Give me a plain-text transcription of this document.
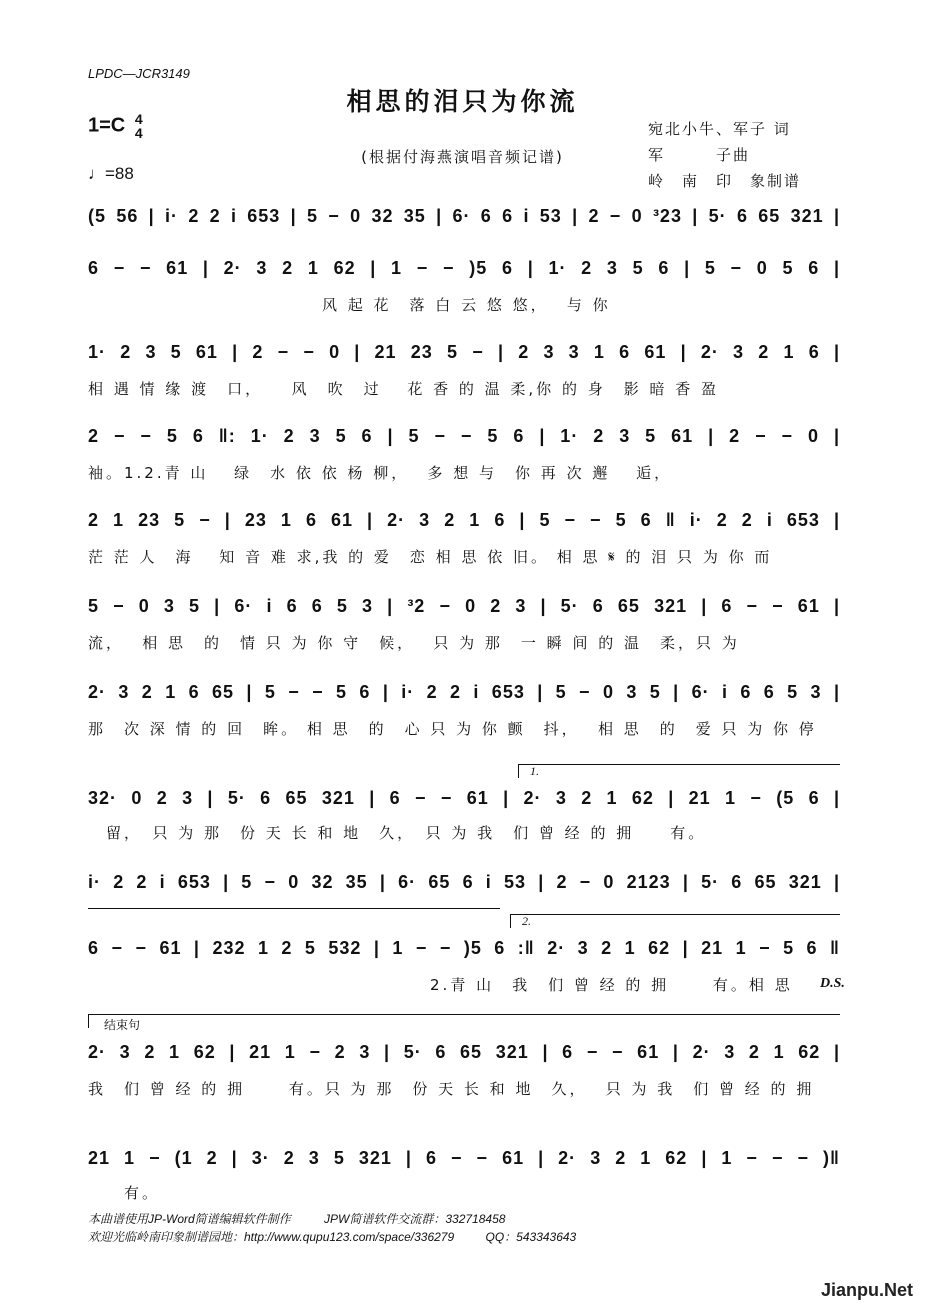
LPDC—JCR3149
相思的泪只为你流
(根据付海燕演唱音频记谱)
1=C 4
4
♩=88
宛北小牛、军子 词
军　　　子曲
岭　南　印　象制谱
(5 56 | i· 2 2 i 653 | 5 − 0 32 35 | 6· 6 6 i 53 | 2 − 0 ³23 | 5· 6 65 321 |
6 − − 61 | 2· 3 2 1 62 | 1 − − )5 6 | 1· 2 3 5 6 | 5 − 0 5 6 |
　　　　　　　　　　　　　风 起 花　落 白 云 悠 悠，　 与 你
1· 2 3 5 61 | 2 − − 0 | 21 23 5 − | 2 3 3 1 6 61 | 2· 3 2 1 6 |
相 遇 情 缘 渡　口，　　风　吹　过　 花 香 的 温 柔,你 的 身　影 暗 香 盈
2 − − 5 6 ‖: 1· 2 3 5 6 | 5 − − 5 6 | 1· 2 3 5 61 | 2 − − 0 |
袖。1.2.青 山　 绿　水 依 依 杨 柳，　 多 想 与　你 再 次 邂　 逅，
2 1 23 5 − | 23 1 6 61 | 2· 3 2 1 6 | 5 − − 5 6 ‖ i· 2 2 i 653 |
茫 茫 人　海　 知 音 难 求,我 的 爱　恋 相 思 依 旧。 相 思 𝄋 的 泪 只 为 你 而
5 − 0 3 5 | 6· i 6 6 5 3 | ³2 − 0 2 3 | 5· 6 65 321 | 6 − − 61 |
流，　 相 思　的　情 只 为 你 守　候，　 只 为 那　一 瞬 间 的 温　柔，只 为
2· 3 2 1 6 65 | 5 − − 5 6 | i· 2 2 i 653 | 5 − 0 3 5 | 6· i 6 6 5 3 |
那　次 深 情 的 回　眸。 相 思　的　心 只 为 你 颤　抖，　 相 思　的　爱 只 为 你 停
1.
32· 0 2 3 | 5· 6 65 321 | 6 − − 61 | 2· 3 2 1 62 | 21 1 − (5 6 |
　留，　只 为 那　份 天 长 和 地　久，　只 为 我　们 曾 经 的 拥　　有。
i· 2 2 i 653 | 5 − 0 32 35 | 6· 65 6 i 53 | 2 − 0 2123 | 5· 6 65 321 |
2.
6 − − 61 | 232 1 2 5 532 | 1 − − )5 6 :‖ 2· 3 2 1 62 | 21 1 − 5 6 ‖
　　　　　　　　　　　　　　　　　　　2.青 山　我　们 曾 经 的 拥　　 有。相 思	D.S.
结束句
2· 3 2 1 62 | 21 1 − 2 3 | 5· 6 65 321 | 6 − − 61 | 2· 3 2 1 62 |
我　们 曾 经 的 拥　　 有。只 为 那　份 天 长 和 地　久，　 只 为 我　们 曾 经 的 拥
21 1 − (1 2 | 3· 2 3 5 321 | 6 − − 61 | 2· 3 2 1 62 | 1 − − − )‖
　　有。
本曲谱使用JP-Word简谱编辑软件制作	JPW简谱软件交流群：332718458
欢迎光临岭南印象制谱园地：http://www.qupu123.com/space/336279	QQ：543343643
Jianpu.Net
